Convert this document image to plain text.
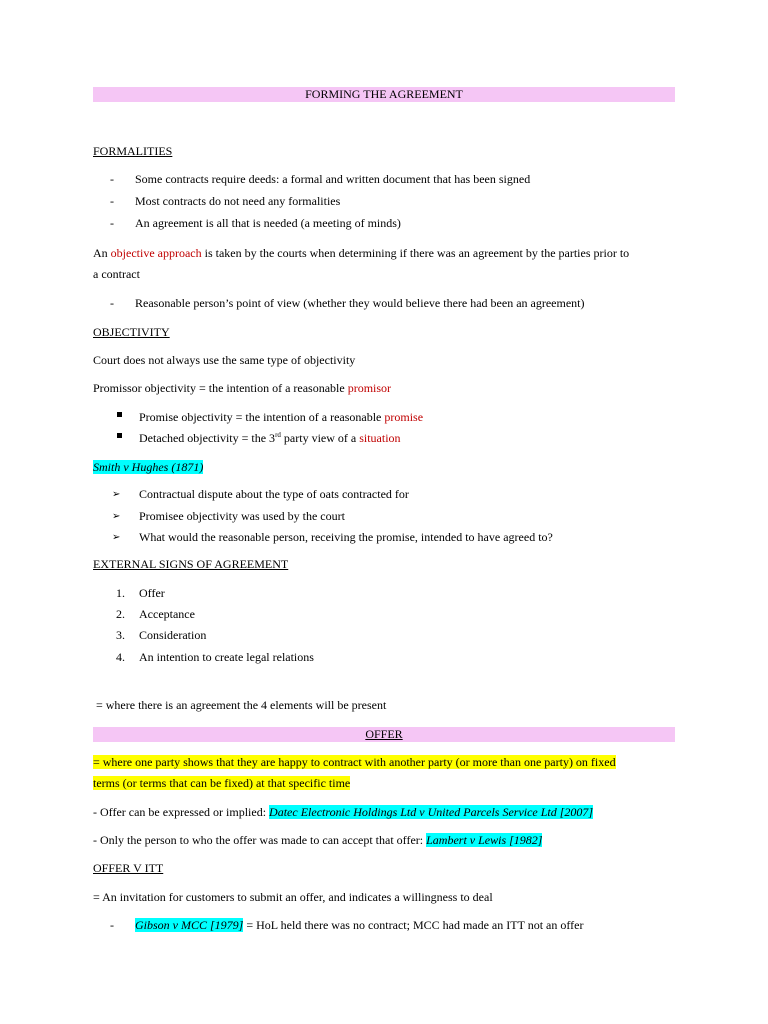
FORMING THE AGREEMENT
FORMALITIES
- Some contracts require deeds: a formal and written document that has been signed
- Most contracts do not need any formalities
- An agreement is all that is needed (a meeting of minds)
An objective approach is taken by the courts when determining if there was an agreement by the parties prior to
a contract
- Reasonable person’s point of view (whether they would believe there had been an agreement)
OBJECTIVITY
Court does not always use the same type of objectivity
Promissor objectivity = the intention of a reasonable promisor
Promise objectivity = the intention of a reasonable promise
Detached objectivity = the 3rd party view of a situation
Smith v Hughes (1871)
➢ Contractual dispute about the type of oats contracted for
➢ Promisee objectivity was used by the court
➢ What would the reasonable person, receiving the promise, intended to have agreed to?
EXTERNAL SIGNS OF AGREEMENT
1. Offer
2. Acceptance
3. Consideration
4. An intention to create legal relations
= where there is an agreement the 4 elements will be present
OFFER
= where one party shows that they are happy to contract with another party (or more than one party) on fixed
terms (or terms that can be fixed) at that specific time
- Offer can be expressed or implied: Datec Electronic Holdings Ltd v United Parcels Service Ltd [2007]
- Only the person to who the offer was made to can accept that offer: Lambert v Lewis [1982]
OFFER V ITT
= An invitation for customers to submit an offer, and indicates a willingness to deal
- Gibson v MCC [1979] = HoL held there was no contract; MCC had made an ITT not an offer
